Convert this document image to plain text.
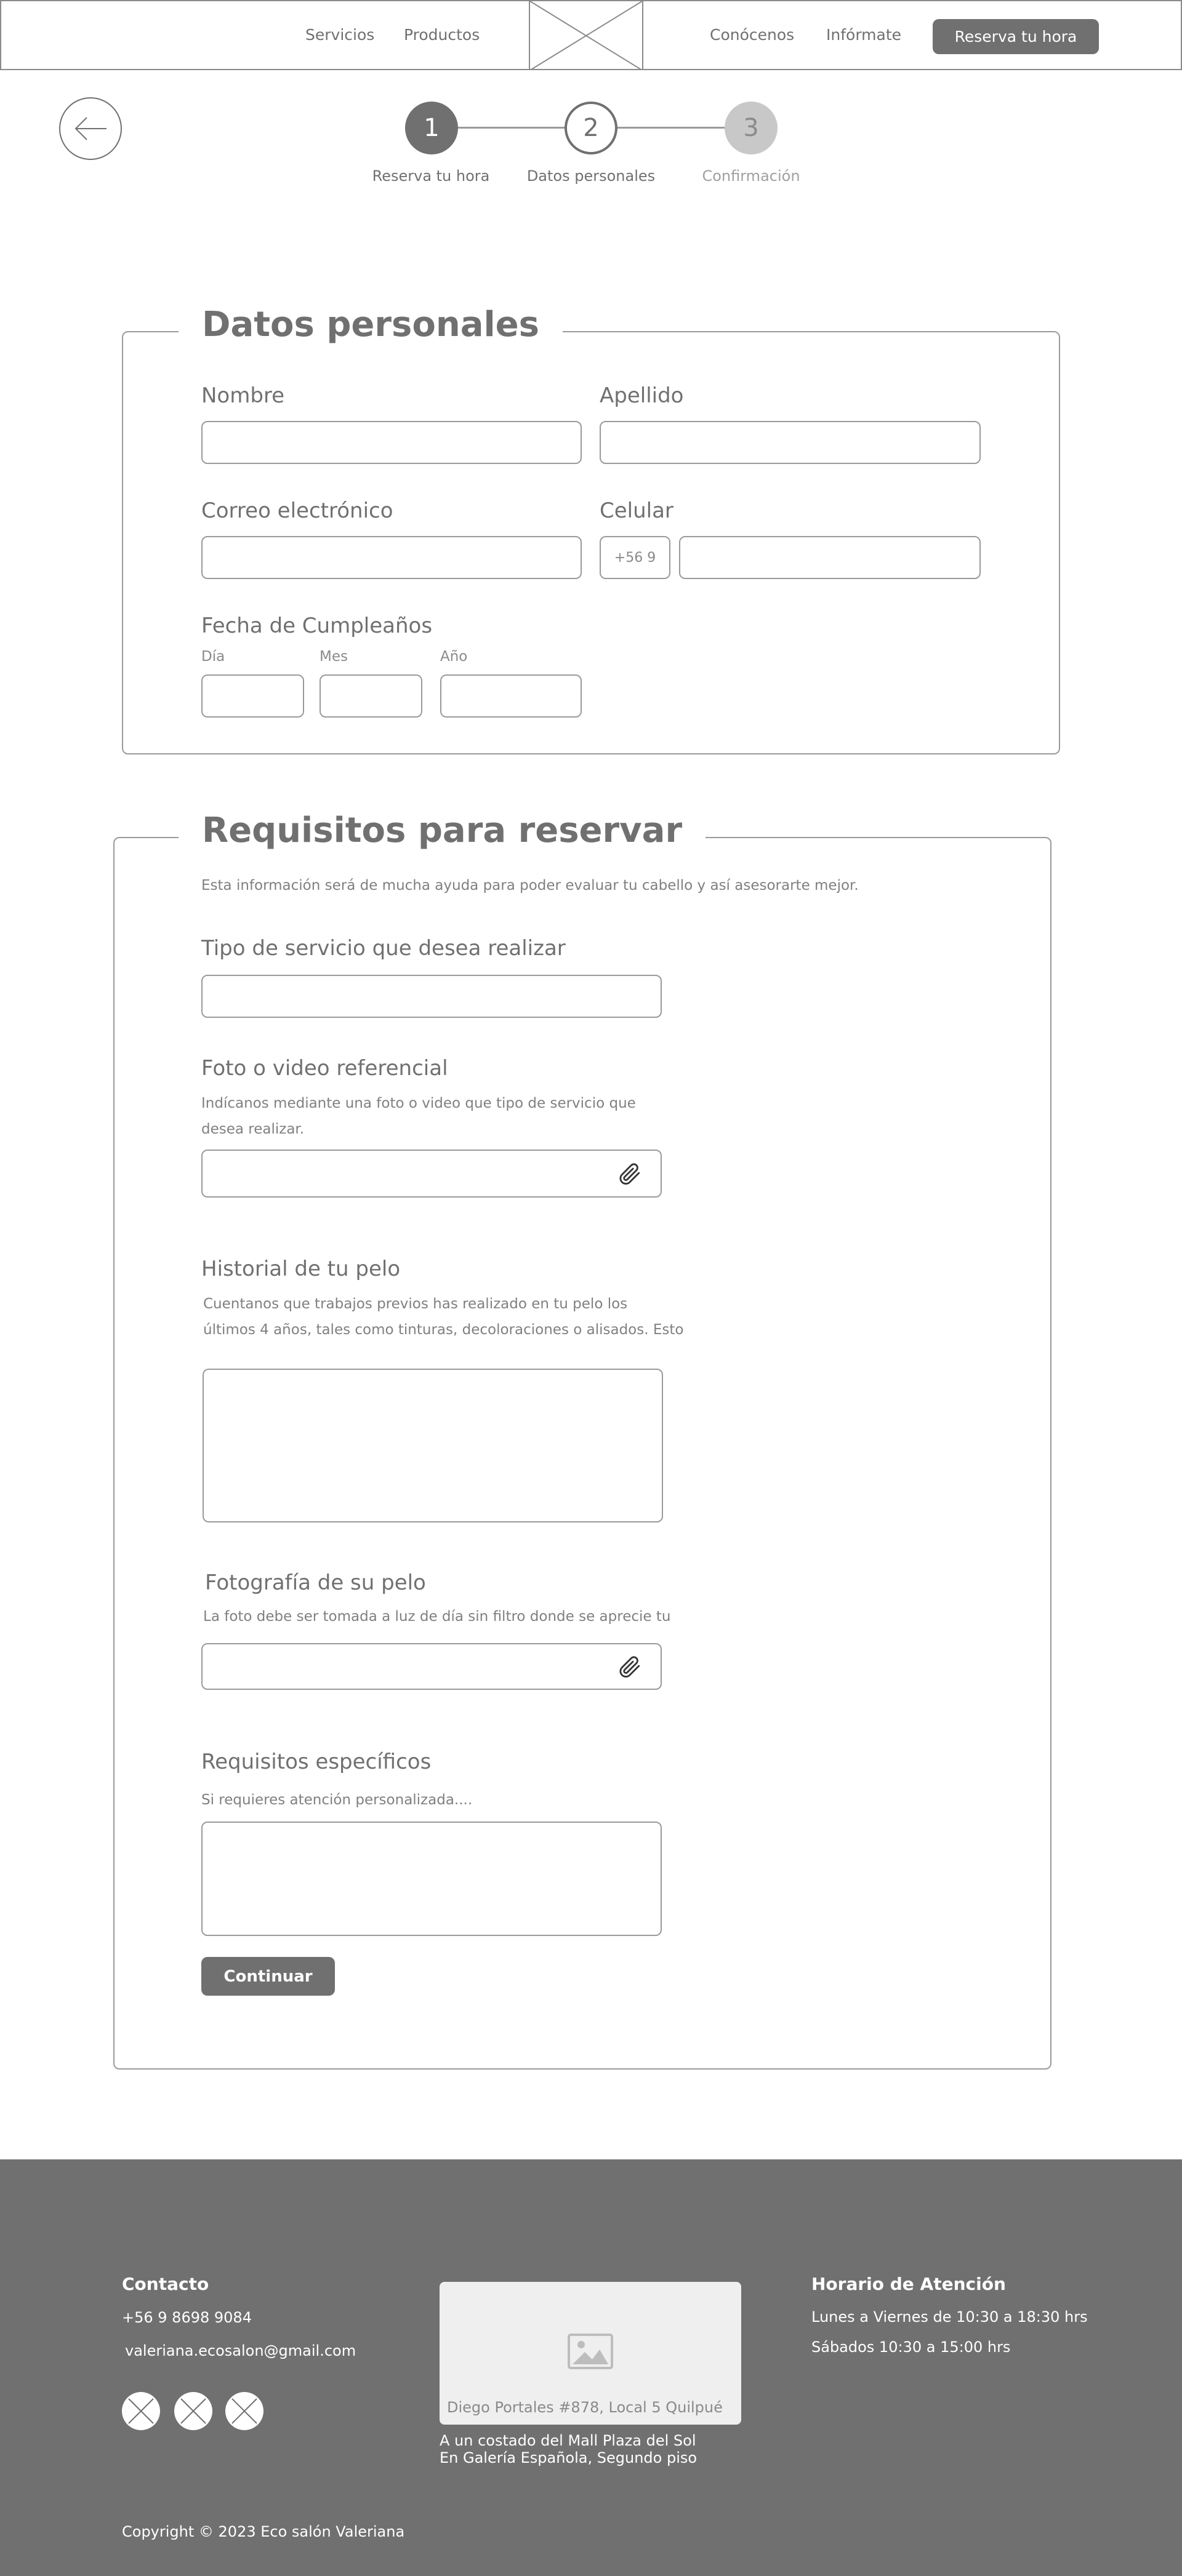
Servicios Productos	Conócenos Infórmate	Reserva tu hora
1	2	3
Reserva tu hora	Datos personales	Confirmación
Datos personales
Nombre	Apellido
Correo electrónico	Celular
+56 9
Fecha de Cumpleaños
Día	Mes	Año
Requisitos para reservar
Esta información será de mucha ayuda para poder evaluar tu cabello y así asesorarte mejor.
Tipo de servicio que desea realizar
Foto o video referencial
Indícanos mediante una foto o video que tipo de servicio que
desea realizar.
Historial de tu pelo
Cuentanos que trabajos previos has realizado en tu pelo los
últimos 4 años, tales como tinturas, decoloraciones o alisados. Esto
Fotografía de su pelo
La foto debe ser tomada a luz de día sin filtro donde se aprecie tu
Requisitos específicos
Si requieres atención personalizada....
Continuar
Contacto
+56 9 8698 9084
valeriana.ecosalon@gmail.com
Diego Portales #878, Local 5 Quilpué
A un costado del Mall Plaza del Sol
En Galería Española, Segundo piso
Horario de Atención
Lunes a Viernes de 10:30 a 18:30 hrs
Sábados 10:30 a 15:00 hrs
Copyright © 2023 Eco salón Valeriana
